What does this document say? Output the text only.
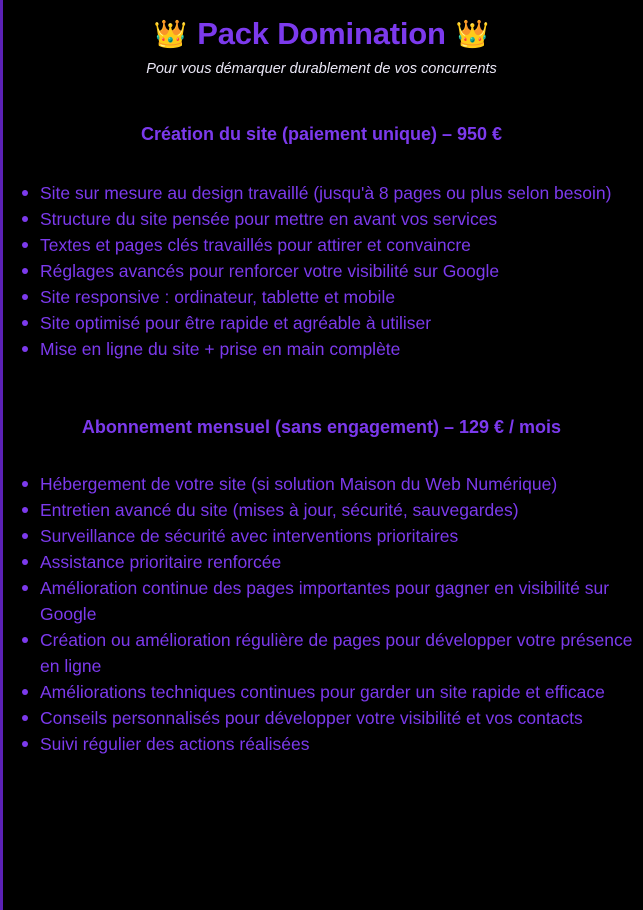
👑 Pack Domination 👑
Pour vous démarquer durablement de vos concurrents
Création du site (paiement unique) – 950 €
Site sur mesure au design travaillé (jusqu'à 8 pages ou plus selon besoin)
Structure du site pensée pour mettre en avant vos services
Textes et pages clés travaillés pour attirer et convaincre
Réglages avancés pour renforcer votre visibilité sur Google
Site responsive : ordinateur, tablette et mobile
Site optimisé pour être rapide et agréable à utiliser
Mise en ligne du site + prise en main complète
Abonnement mensuel (sans engagement) – 129 € / mois
Hébergement de votre site (si solution Maison du Web Numérique)
Entretien avancé du site (mises à jour, sécurité, sauvegardes)
Surveillance de sécurité avec interventions prioritaires
Assistance prioritaire renforcée
Amélioration continue des pages importantes pour gagner en visibilité sur Google
Création ou amélioration régulière de pages pour développer votre présence en ligne
Améliorations techniques continues pour garder un site rapide et efficace
Conseils personnalisés pour développer votre visibilité et vos contacts
Suivi régulier des actions réalisées
